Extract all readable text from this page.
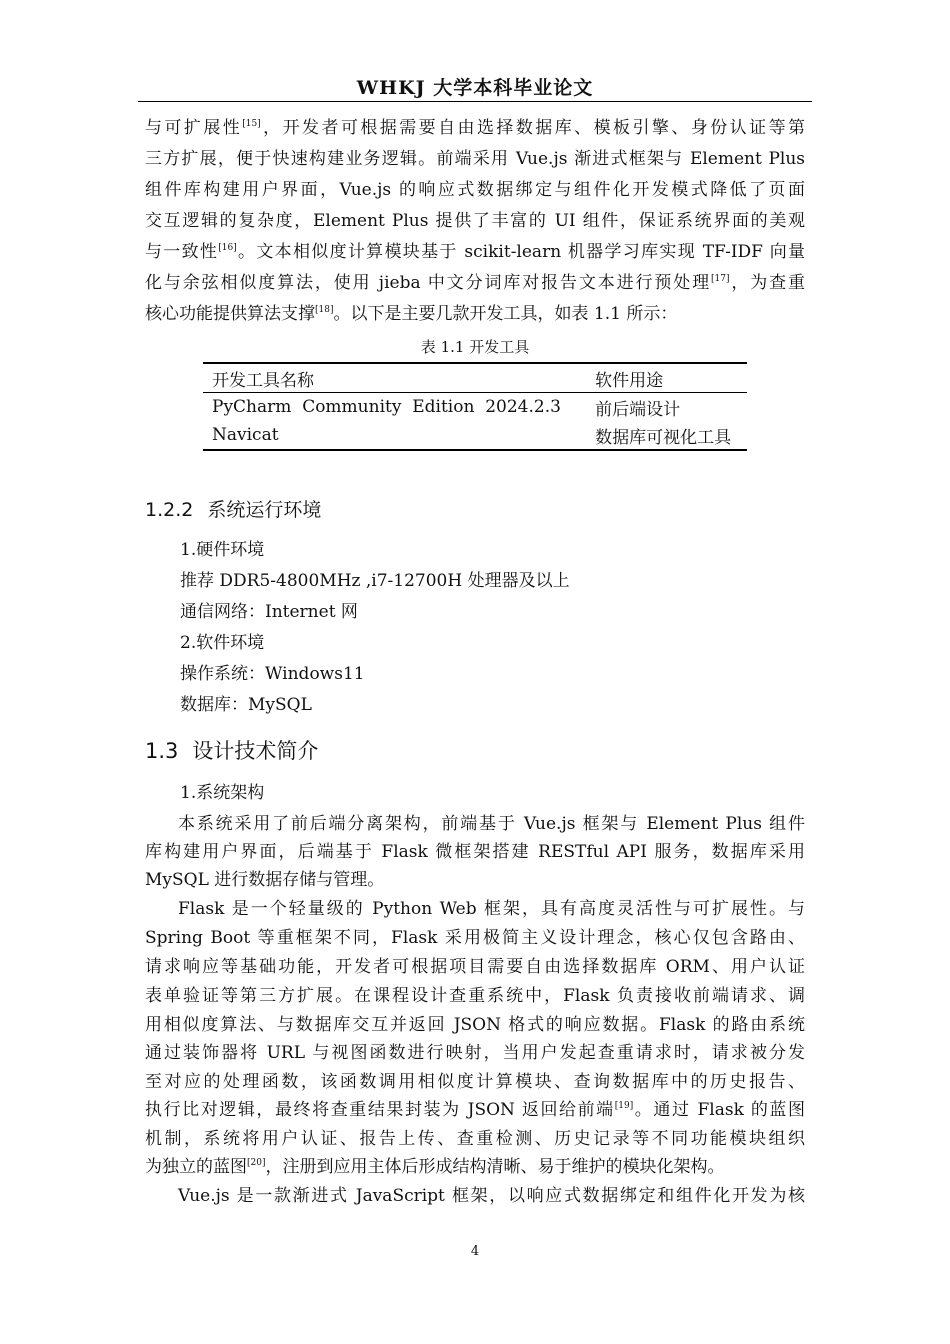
WHKJ 大学本科毕业论文
与可扩展性[15]，开发者可根据需要自由选择数据库、模板引擎、身份认证等第
三方扩展，便于快速构建业务逻辑。前端采用 Vue.js 渐进式框架与 Element Plus
组件库构建用户界面，Vue.js 的响应式数据绑定与组件化开发模式降低了页面
交互逻辑的复杂度，Element Plus 提供了丰富的 UI 组件，保证系统界面的美观
与一致性[16]。文本相似度计算模块基于 scikit-learn 机器学习库实现 TF-IDF 向量
化与余弦相似度算法，使用 jieba 中文分词库对报告文本进行预处理[17]，为查重
核心功能提供算法支撑[18]。以下是主要几款开发工具，如表 1.1 所示：
表 1.1 开发工具
开发工具名称	软件用途
PyCharm  Community  Edition  2024.2.3	前后端设计
Navicat	数据库可视化工具
1.2.2 系统运行环境
1.硬件环境
推荐 DDR5-4800MHz ,i7-12700H 处理器及以上
通信网络：Internet 网
2.软件环境
操作系统：Windows11
数据库：MySQL
1.3 设计技术简介
1.系统架构
本系统采用了前后端分离架构，前端基于 Vue.js 框架与 Element Plus 组件
库构建用户界面，后端基于 Flask 微框架搭建 RESTful API 服务，数据库采用
MySQL 进行数据存储与管理。
Flask 是一个轻量级的 Python Web 框架，具有高度灵活性与可扩展性。与
Spring Boot 等重框架不同，Flask 采用极简主义设计理念，核心仅包含路由、
请求响应等基础功能，开发者可根据项目需要自由选择数据库 ORM、用户认证
表单验证等第三方扩展。在课程设计查重系统中，Flask 负责接收前端请求、调
用相似度算法、与数据库交互并返回 JSON 格式的响应数据。Flask 的路由系统
通过装饰器将 URL 与视图函数进行映射，当用户发起查重请求时，请求被分发
至对应的处理函数，该函数调用相似度计算模块、查询数据库中的历史报告、
执行比对逻辑，最终将查重结果封装为 JSON 返回给前端[19]。通过 Flask 的蓝图
机制，系统将用户认证、报告上传、查重检测、历史记录等不同功能模块组织
为独立的蓝图[20]，注册到应用主体后形成结构清晰、易于维护的模块化架构。
Vue.js 是一款渐进式 JavaScript 框架，以响应式数据绑定和组件化开发为核
4
